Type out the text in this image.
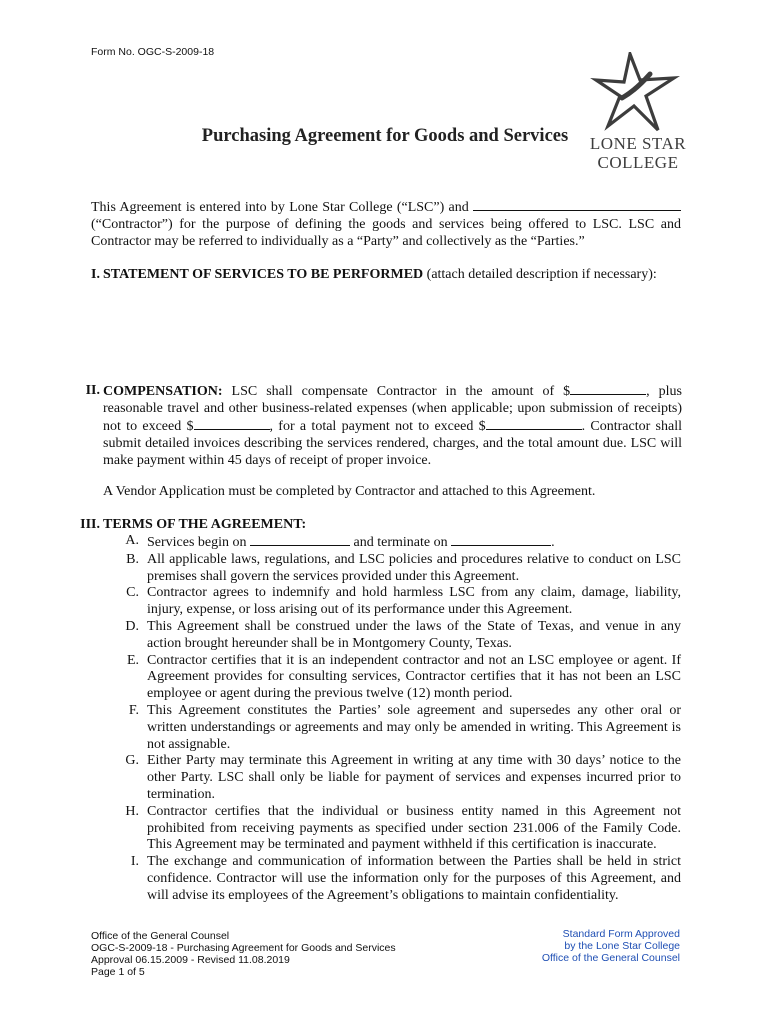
Form No. OGC-S-2009-18
LONE STAR
COLLEGE
Purchasing Agreement for Goods and Services
This Agreement is entered into by Lone Star College (“LSC”) and  (“Contractor”) for the purpose of defining the goods and services being offered to LSC. LSC and Contractor may be referred to individually as a “Party” and collectively as the “Parties.”
I. STATEMENT OF SERVICES TO BE PERFORMED (attach detailed description if necessary):
II. COMPENSATION: LSC shall compensate Contractor in the amount of $	, plus reasonable travel and other business-related expenses (when applicable; upon submission of receipts) not to exceed $	, for a total payment not to exceed $	. Contractor shall submit detailed invoices describing the services rendered, charges, and the total amount due. LSC will make payment within 45 days of receipt of proper invoice.
A Vendor Application must be completed by Contractor and attached to this Agreement.
III. TERMS OF THE AGREEMENT:
A. Services begin on	and terminate on	.
B. All applicable laws, regulations, and LSC policies and procedures relative to conduct on LSC premises shall govern the services provided under this Agreement.
C. Contractor agrees to indemnify and hold harmless LSC from any claim, damage, liability, injury, expense, or loss arising out of its performance under this Agreement.
D. This Agreement shall be construed under the laws of the State of Texas, and venue in any action brought hereunder shall be in Montgomery County, Texas.
E. Contractor certifies that it is an independent contractor and not an LSC employee or agent. If Agreement provides for consulting services, Contractor certifies that it has not been an LSC employee or agent during the previous twelve (12) month period.
F. This Agreement constitutes the Parties’ sole agreement and supersedes any other oral or written understandings or agreements and may only be amended in writing. This Agreement is not assignable.
G. Either Party may terminate this Agreement in writing at any time with 30 days’ notice to the other Party. LSC shall only be liable for payment of services and expenses incurred prior to termination.
H. Contractor certifies that the individual or business entity named in this Agreement not prohibited from receiving payments as specified under section 231.006 of the Family Code. This Agreement may be terminated and payment withheld if this certification is inaccurate.
I. The exchange and communication of information between the Parties shall be held in strict confidence. Contractor will use the information only for the purposes of this Agreement, and will advise its employees of the Agreement’s obligations to maintain confidentiality.
Office of the General Counsel
OGC-S-2009-18 - Purchasing Agreement for Goods and Services
Approval 06.15.2009 - Revised 11.08.2019
Page 1 of 5
Standard Form Approved
by the Lone Star College
Office of the General Counsel
